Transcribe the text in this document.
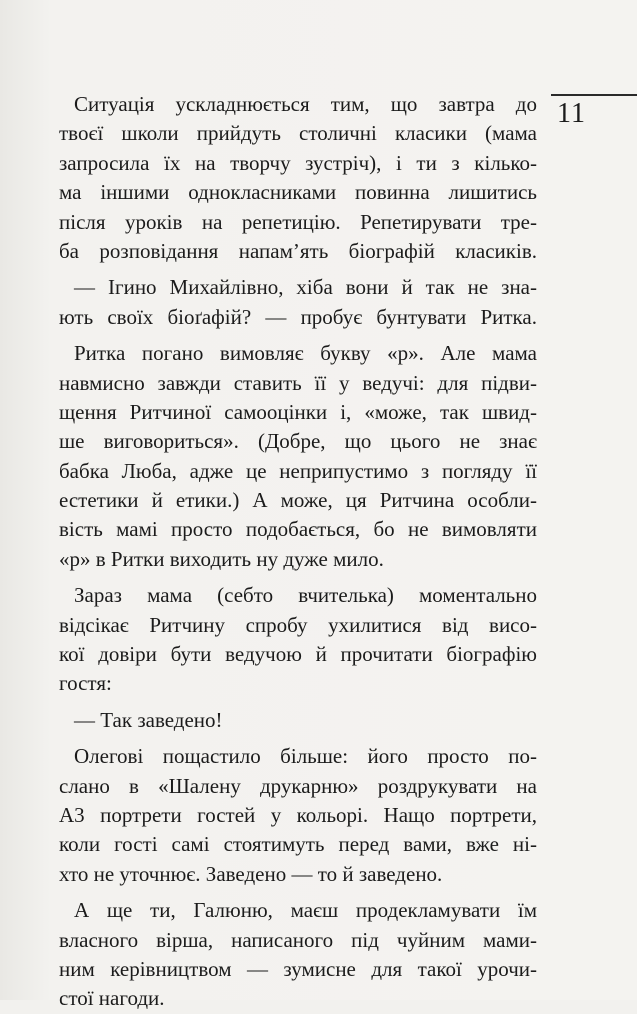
11
Ситуація ускладнюється тим, що завтра до
твоєї школи прийдуть столичні класики (мама
запросила їх на творчу зустріч), і ти з кілько-
ма іншими однокласниками повинна лишитись
після уроків на репетицію. Репетирувати тре-
ба розповідання напам’ять біографій класиків.
— Ігино Михайлівно, хіба вони й так не зна-
ють своїх біоґафій? — пробує бунтувати Ритка.
Ритка погано вимовляє букву «р». Але мама
навмисно завжди ставить її у ведучі: для підви-
щення Ритчиної самооцінки і, «може, так швид-
ше виговориться». (Добре, що цього не знає
бабка Люба, адже це неприпустимо з погляду її
естетики й етики.) А може, ця Ритчина особли-
вість мамі просто подобається, бо не вимовляти
«р» в Ритки виходить ну дуже мило.
Зараз мама (себто вчителька) моментально
відсікає Ритчину спробу ухилитися від висо-
кої довіри бути ведучою й прочитати біографію
гостя:
— Так заведено!
Олегові пощастило більше: його просто по-
слано в «Шалену друкарню» роздрукувати на
А3 портрети гостей у кольорі. Нащо портрети,
коли гості самі стоятимуть перед вами, вже ні-
хто не уточнює. Заведено — то й заведено.
А ще ти, Галюню, маєш продекламувати їм
власного вірша, написаного під чуйним мами-
ним керівництвом — зумисне для такої урочи-
стої нагоди.
